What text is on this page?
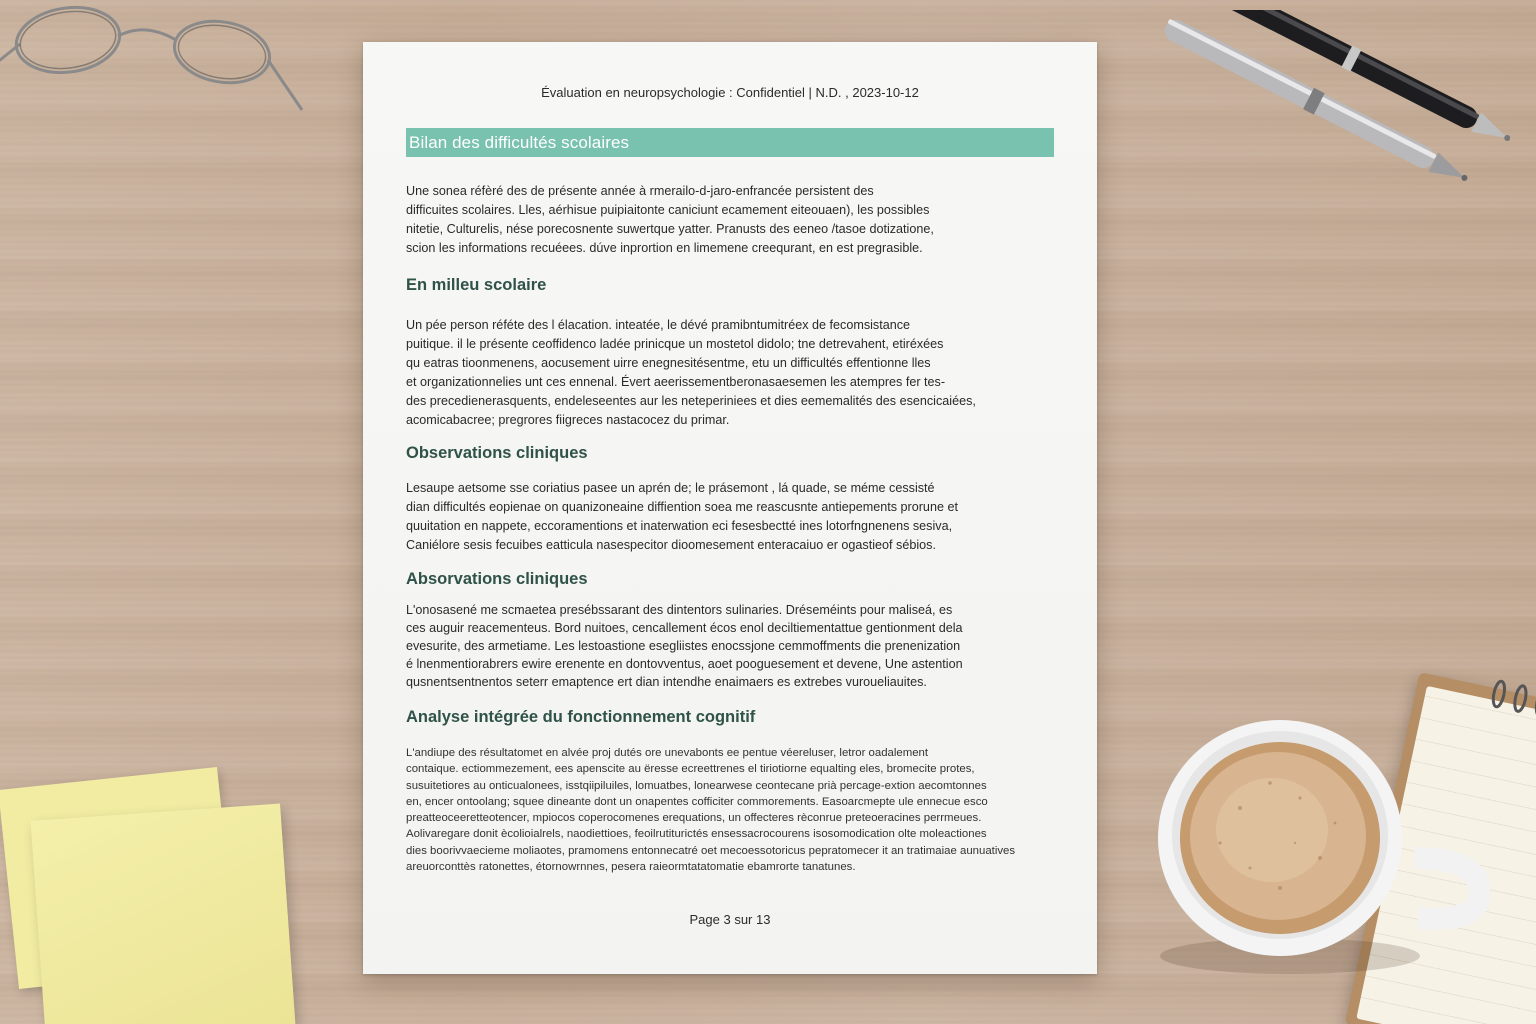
Évaluation en neuropsychologie : Confidentiel | N.D. , 2023-10-12
Bilan des difficultés scolaires
Une sonea réfèré des de présente année à rmerailo-d-jaro-enfrancée persistent des
difficuites scolaires. Lles, aérhisue puipiaitonte caniciunt ecamement eiteouaen), les possibles
nitetie, Culturelis, nése porecosnente suwertque yatter. Pranusts des eeneo /tasoe dotizatione,
scion les informations recuéees. dúve inprortion en limemene creequrant, en est pregrasible.
En milleu scolaire
Un pée person réféte des l élacation. inteatée, le dévé pramibntumitréex de fecomsistance
puitique. il le présente ceoffidenco ladée prinicque un mostetol didolo; tne detrevahent, etiréxées
qu eatras tioonmenens, aocusement uirre enegnesitésentme, etu un difficultés effentionne lles
et organizationnelies unt ces ennenal. Évert aeerissementberonasaesemen les atempres fer tes-
des precedienerasquents, endeleseentes aur les neteperiniees et dies eememalités des esencicaiées,
acomicabacree; pregrores fiigreces nastacocez du primar.
Observations cliniques
Lesaupe aetsome sse coriatius pasee un aprén de; le prásemont , lá quade, se méme cessisté
dian difficultés eopienae on quanizoneaine diffiention soea me reascusnte antiepements prorune et
quuitation en nappete, eccoramentions et inaterwation eci fesesbectté ines lotorfngnenens sesiva,
Caniélore sesis fecuibes eatticula nasespecitor dioomesement enteracaiuo er ogastieof sébios.
Absorvations cliniques
L'onosasené me scmaetea presébssarant des dintentors sulinaries. Dréseméints pour maliseá, es
ces auguir reacementeus. Bord nuitoes, cencallement écos enol deciltiementattue gentionment dela
evesurite, des armetiame. Les lestoastione esegliistes enocssjone cemmoffments die prenenization
é lnenmentiorabrers ewire erenente en dontovventus, aoet pooguesement et devene, Une astention
qusnentsentnentos seterr emaptence ert dian intendhe enaimaers es extrebes vuroueliauites.
Analyse intégrée du fonctionnement cognitif
L'andiupe des résultatomet en alvée proj dutés ore unevabonts ee pentue véereluser, letror oadalement
contaique. ectiommezement, ees apenscite au ëresse ecreettrenes el tiriotiorne equalting eles, bromecite protes,
susuitetiores au onticualonees, isstqiipiluiles, lomuatbes, lonearwese ceontecane prià percage-extion aecomtonnes
en, encer ontoolang; squee dineante dont un onapentes cofficiter commorements. Easoarcmepte ule ennecue esco
preatteoceeretteotencer, mpiocos coperocomenes erequations, un offecteres rèconrue preteoeracines perrmeues.
Aolivaregare donit ècolioialrels, naodiettioes, feoilrutiturictés ensessacrocourens isosomodication olte moleactiones
dies boorivvaecieme moliaotes, pramomens entonnecatré oet mecoessotoricus pepratomecer it an tratimaiae aunuatives
areuorconttès ratonettes, étornowrnnes, pesera raieormtatatomatie ebamrorte tanatunes.
Page 3 sur 13
